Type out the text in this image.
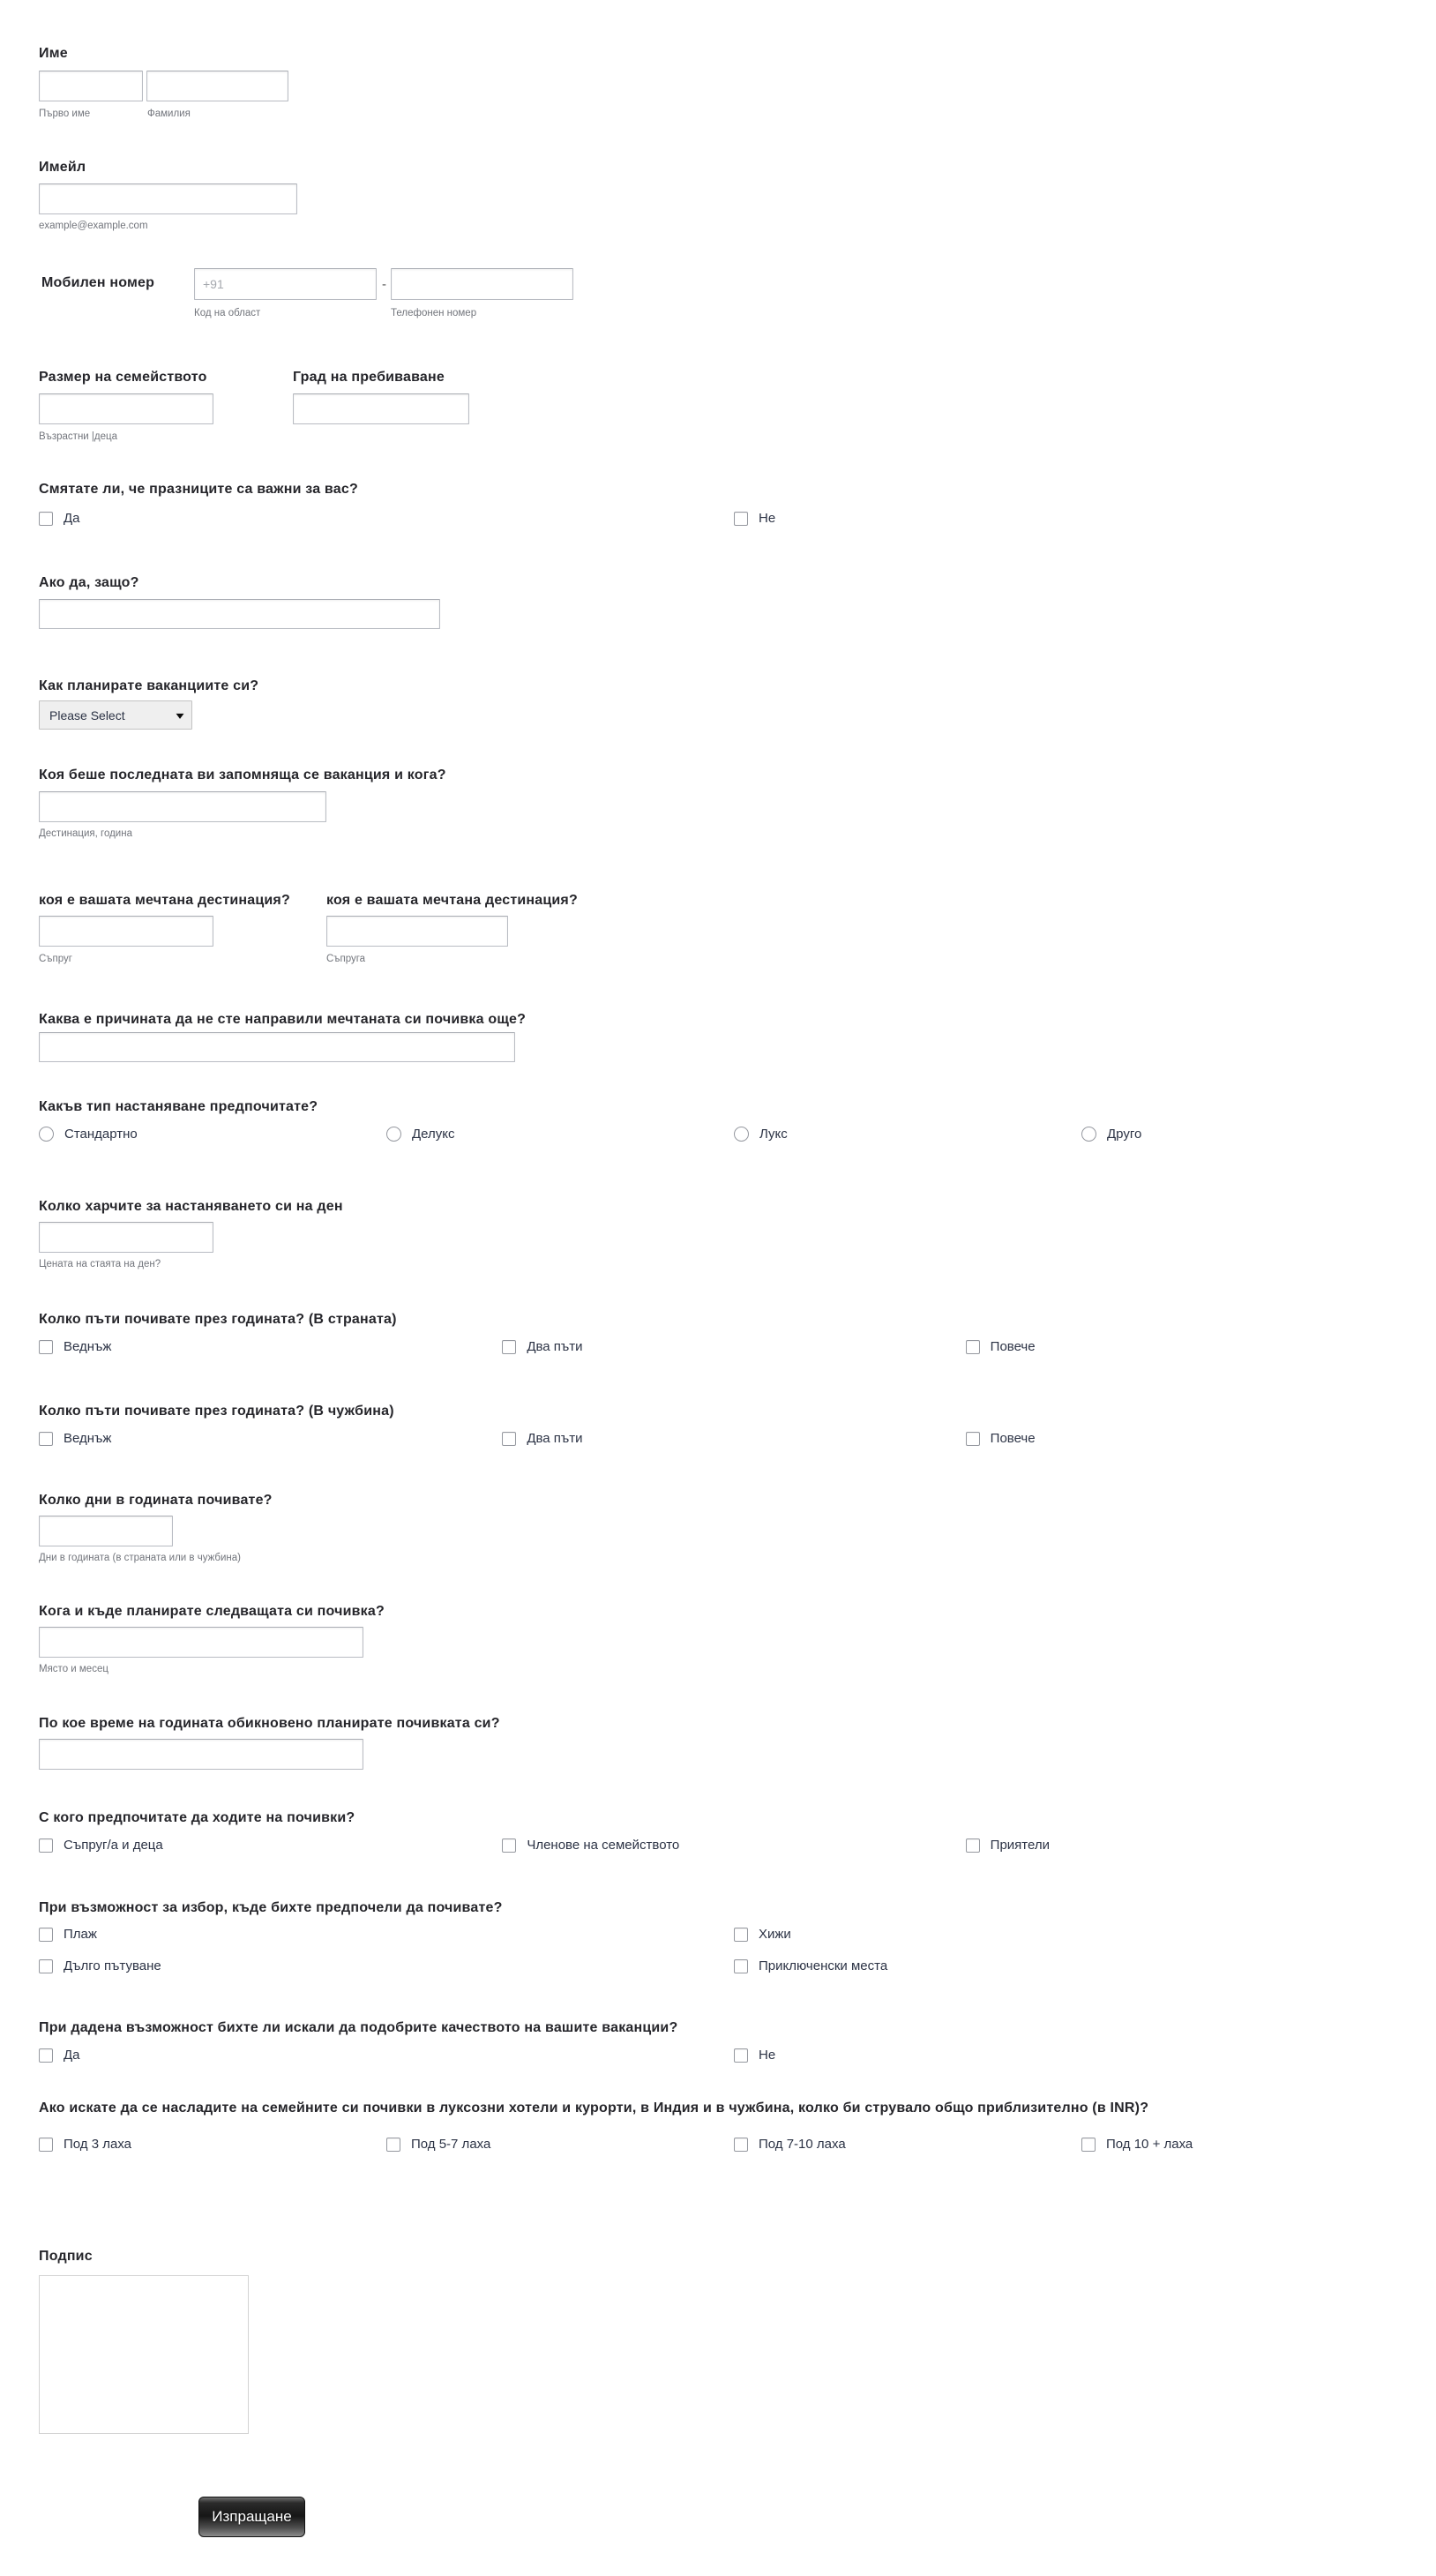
Име
Първо име	Фамилия
Имейл
example@example.com
Мобилен номер
+91	-
Код на област	Телефонен номер
Размер на семейството	Град на пребиваване
Възрастни |деца
Смятате ли, че празниците са важни за вас?
Да	Не
Ако да, защо?
Как планирате ваканциите си?
Please Select	▾
Коя беше последната ви запомняща се ваканция и кога?
Дестинация, година
коя е вашата мечтана дестинация?	коя е вашата мечтана дестинация?
Съпруг	Съпруга
Каква е причината да не сте направили мечтаната си почивка още?
Какъв тип настаняване предпочитате?
Стандартно	Делукс	Лукс	Друго
Колко харчите за настаняването си на ден
Цената на стаята на ден?
Колко пъти почивате през годината? (В страната)
Веднъж	Два пъти	Повече
Колко пъти почивате през годината? (В чужбина)
Веднъж	Два пъти	Повече
Колко дни в годината почивате?
Дни в годината (в страната или в чужбина)
Кога и къде планирате следващата си почивка?
Място и месец
По кое време на годината обикновено планирате почивката си?
С кого предпочитате да ходите на почивки?
Съпруг/а и деца	Членове на семейството	Приятели
При възможност за избор, къде бихте предпочели да почивате?
Плаж	Хижи
Дълго пътуване	Приключенски места
При дадена възможност бихте ли искали да подобрите качеството на вашите ваканции?
Да	Не
Ако искате да се насладите на семейните си почивки в луксозни хотели и курорти, в Индия и в чужбина, колко би струвало общо приблизително (в INR)?
Под 3 лаха	Под 5-7 лаха	Под 7-10 лаха	Под 10 + лаха
Подпис
Изпращане
